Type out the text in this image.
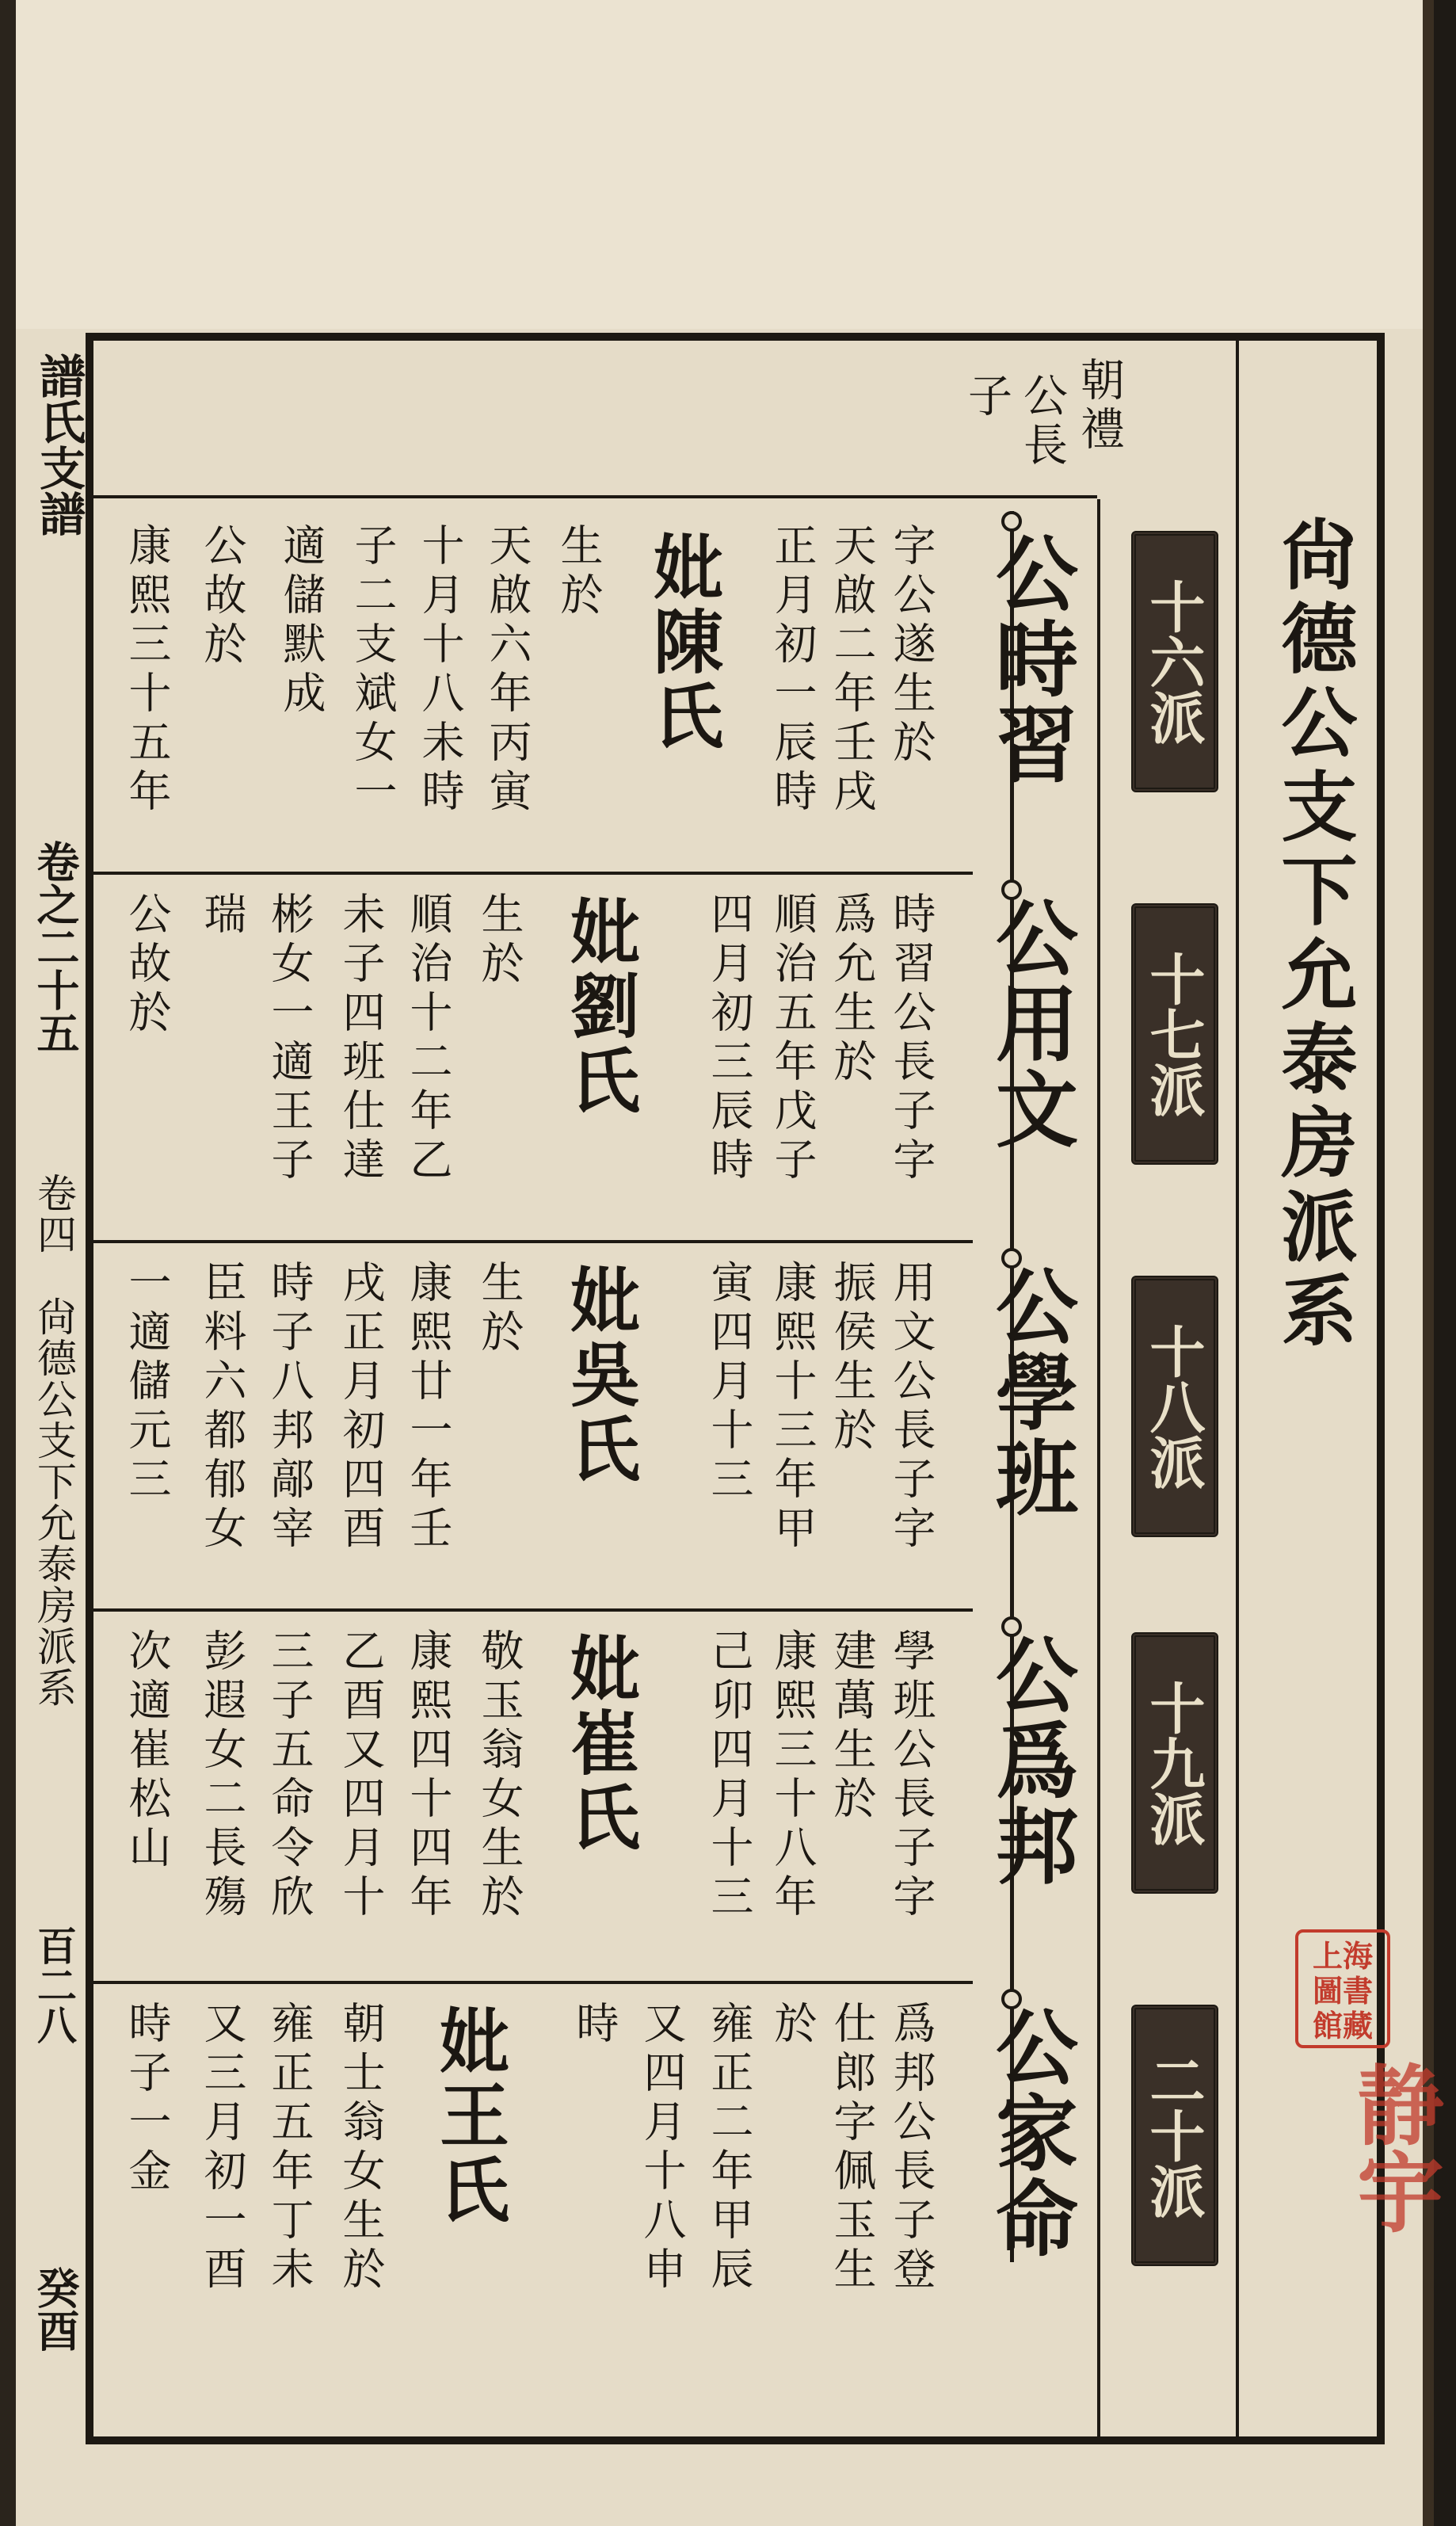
譜氏支譜
卷之二十五
卷四　尙德公支下允泰房派系
百二八
癸酉
尙德公支下允泰房派系
十六派
十七派
十八派
十九派
二十派
朝禮
公長
子
公時習
字公遂生於
天啟二年壬戌
正月初一辰時
妣陳氏
生於
天啟六年丙寅
十月十八未時
子二支斌女一
適儲默成
公故於
康熙三十五年
公用文
時習公長子字
爲允生於
順治五年戊子
四月初三辰時
妣劉氏
生於
順治十二年乙
未子四班仕達
彬女一適王子
瑞
公故於
公學班
用文公長子字
振侯生於
康熙十三年甲
寅四月十三
妣吳氏
生於
康熙廿一年壬
戌正月初四酉
時子八邦鄗宰
臣料六都郁女
一適儲元三
公爲邦
學班公長子字
建萬生於
康熙三十八年
己卯四月十三
妣崔氏
敬玉翁女生於
康熙四十四年
乙酉又四月十
三子五命令欣
彭遐女二長殤
次適崔松山
公家命
爲邦公長子登
仕郎字佩玉生
於
雍正二年甲辰
又四月十八申
時
妣王氏
朝士翁女生於
雍正五年丁未
又三月初一酉
時子一金
上海圖書館藏
静宇
